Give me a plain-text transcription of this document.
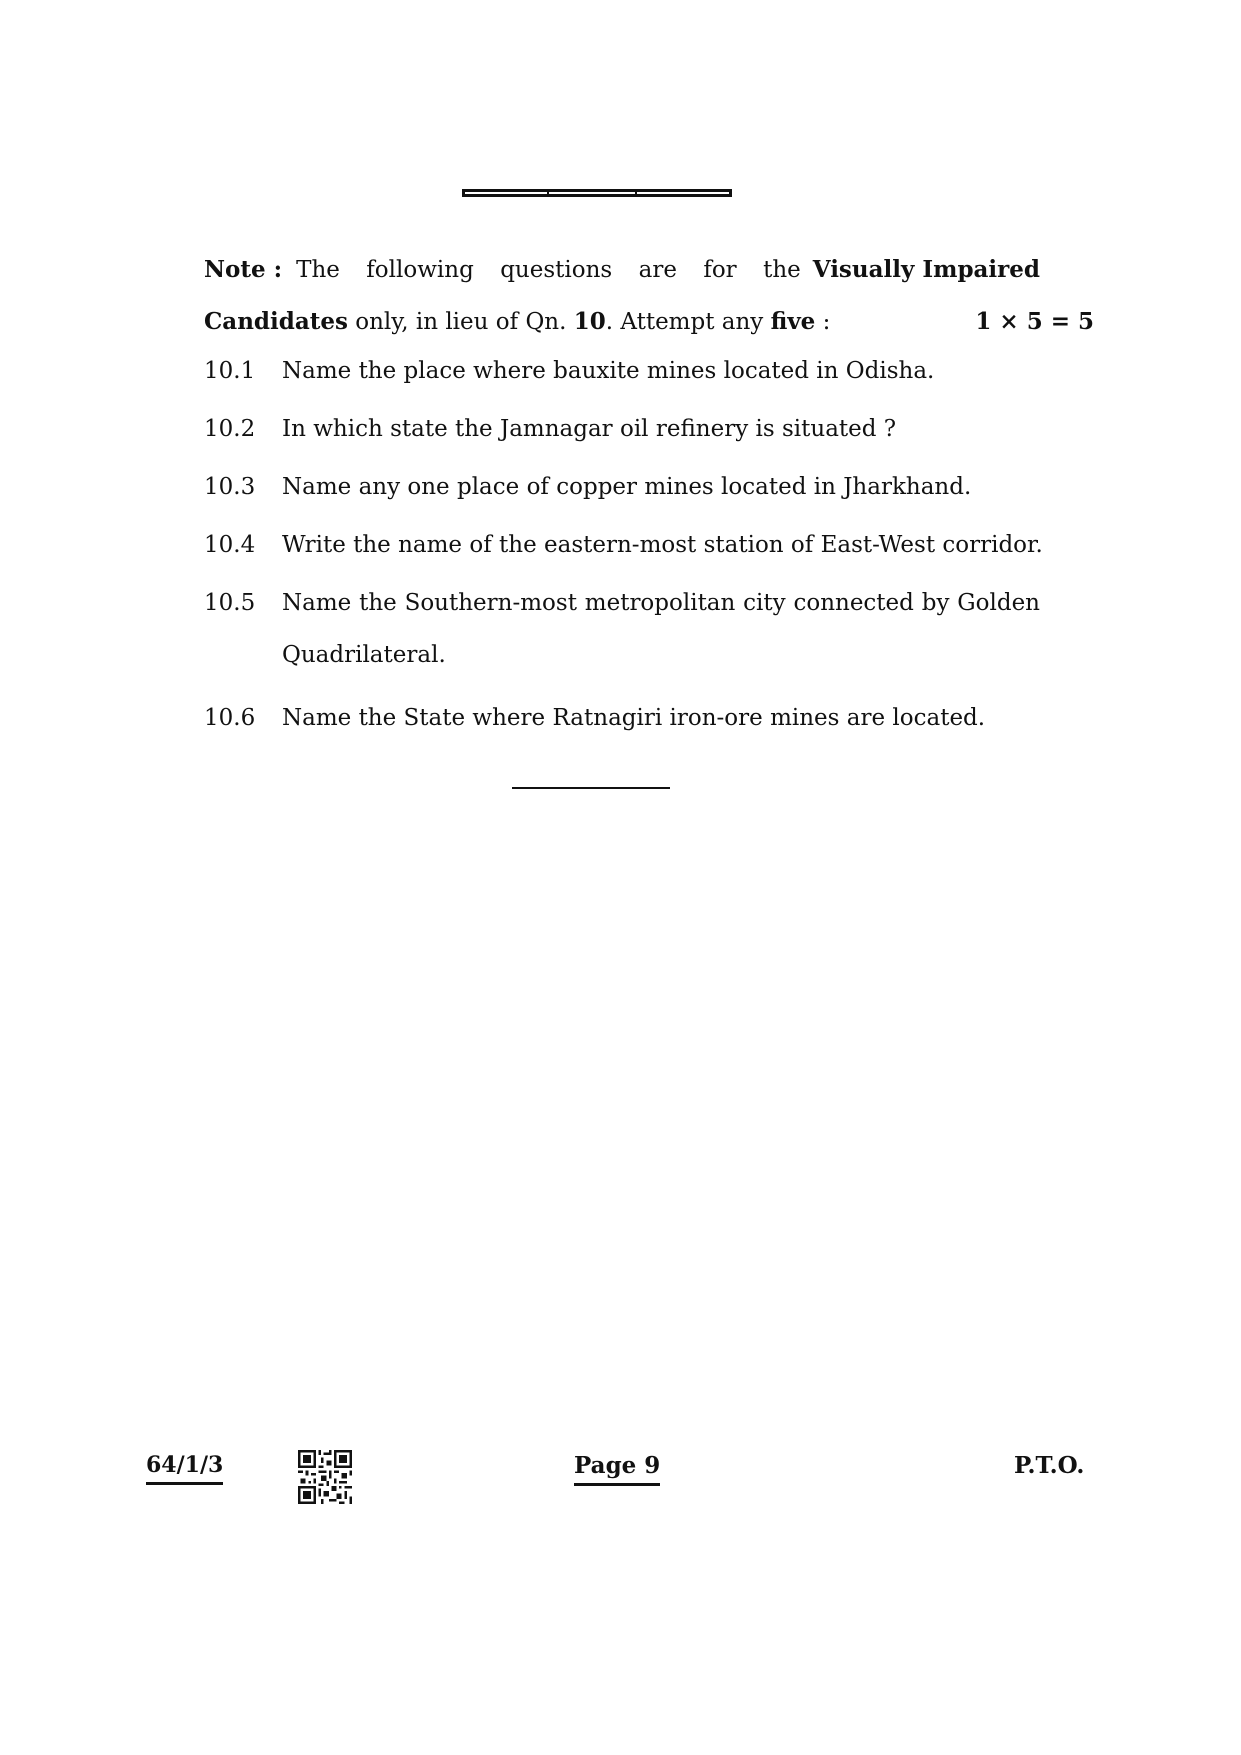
Note : The following questions are for the Visually Impaired
Candidates only, in lieu of Qn. 10. Attempt any five :	1 × 5 = 5
10.1	Name the place where bauxite mines located in Odisha.
10.2	In which state the Jamnagar oil refinery is situated ?
10.3	Name any one place of copper mines located in Jharkhand.
10.4	Write the name of the eastern-most station of East-West corridor.
10.5	Name the Southern-most metropolitan city connected by Golden Quadrilateral.
10.6	Name the State where Ratnagiri iron-ore mines are located.
64/1/3	Page 9	P.T.O.
